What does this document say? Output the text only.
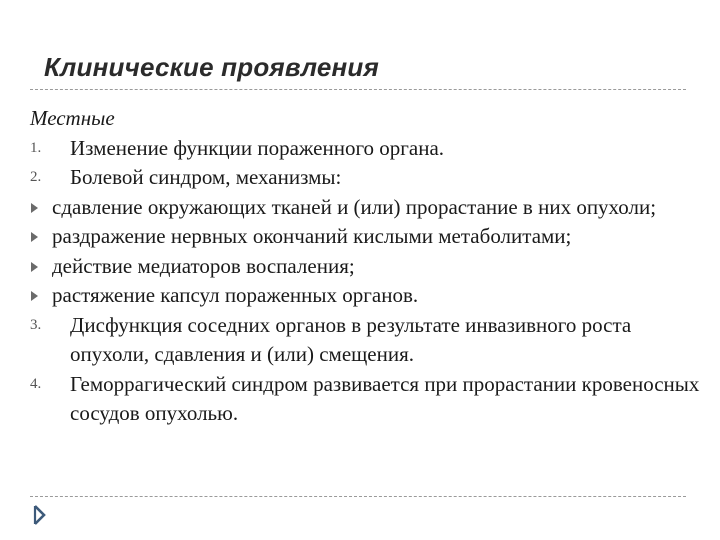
Клинические проявления
Местные
1. Изменение функции пораженного органа.
2. Болевой синдром, механизмы:
сдавление окружающих тканей и (или) прорастание в них опухоли;
раздражение нервных окончаний кислыми метаболитами;
действие медиаторов воспаления;
растяжение капсул пораженных органов.
3. Дисфункция соседних органов в результате инвазивного роста опухоли, сдавления и (или) смещения.
4. Геморрагический синдром развивается при прорастании кровеносных сосудов опухолью.
